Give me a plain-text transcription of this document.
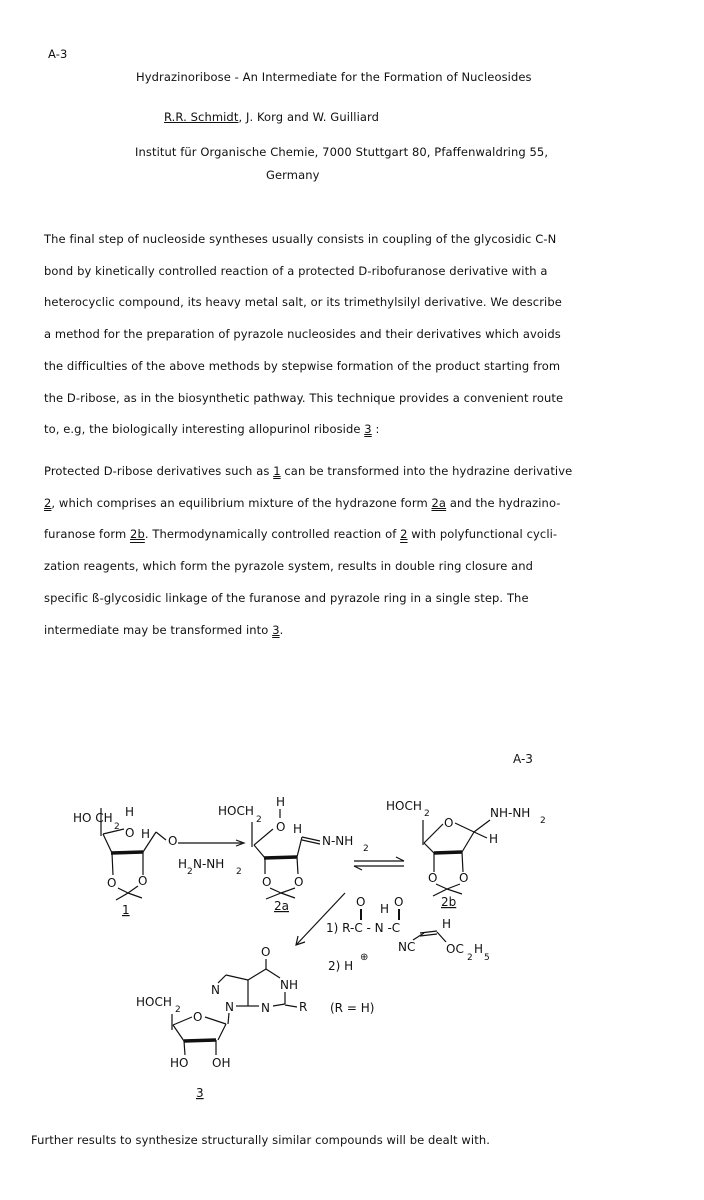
A-3
Hydrazinoribose - An Intermediate for the Formation of Nucleosides
R.R. Schmidt, J. Korg and W. Guilliard
Institut für Organische Chemie, 7000 Stuttgart 80, Pfaffenwaldring 55,
Germany
The final step of nucleoside syntheses usually consists in coupling of the glycosidic C-N
bond by kinetically controlled reaction of a protected D-ribofuranose derivative with a
heterocyclic compound, its heavy metal salt, or its trimethylsilyl derivative. We describe
a method for the preparation of pyrazole nucleosides and their derivatives which avoids
the difficulties of the above methods by stepwise formation of the product starting from
the D-ribose, as in the biosynthetic pathway. This technique provides a convenient route
to, e.g, the biologically interesting allopurinol riboside 3 :
Protected D-ribose derivatives such as 1 can be transformed into the hydrazine derivative
2, which comprises an equilibrium mixture of the hydrazone form 2a and the hydrazino-
furanose form 2b. Thermodynamically controlled reaction of 2 with polyfunctional cycli-
zation reagents, which form the pyrazole system, results in double ring closure and
specific ß-glycosidic linkage of the furanose and pyrazole ring in a single step. The
intermediate may be transformed into 3.
A-3
HO CH
2
H
O H O
O O
1
H
2
N-NH
2
HOCH
2
H
O H
N-NH
2
O O
2a
HOCH
2	NH-NH
2
O
H
O O
2b
O H O
1) R-C - N -C	H
NC	OC
2
H
5
2) H
⊕
O
NH
R
N
N
N
HOCH
2 O
HO OH
3
(R = H)
Further results to synthesize structurally similar compounds will be dealt with.
